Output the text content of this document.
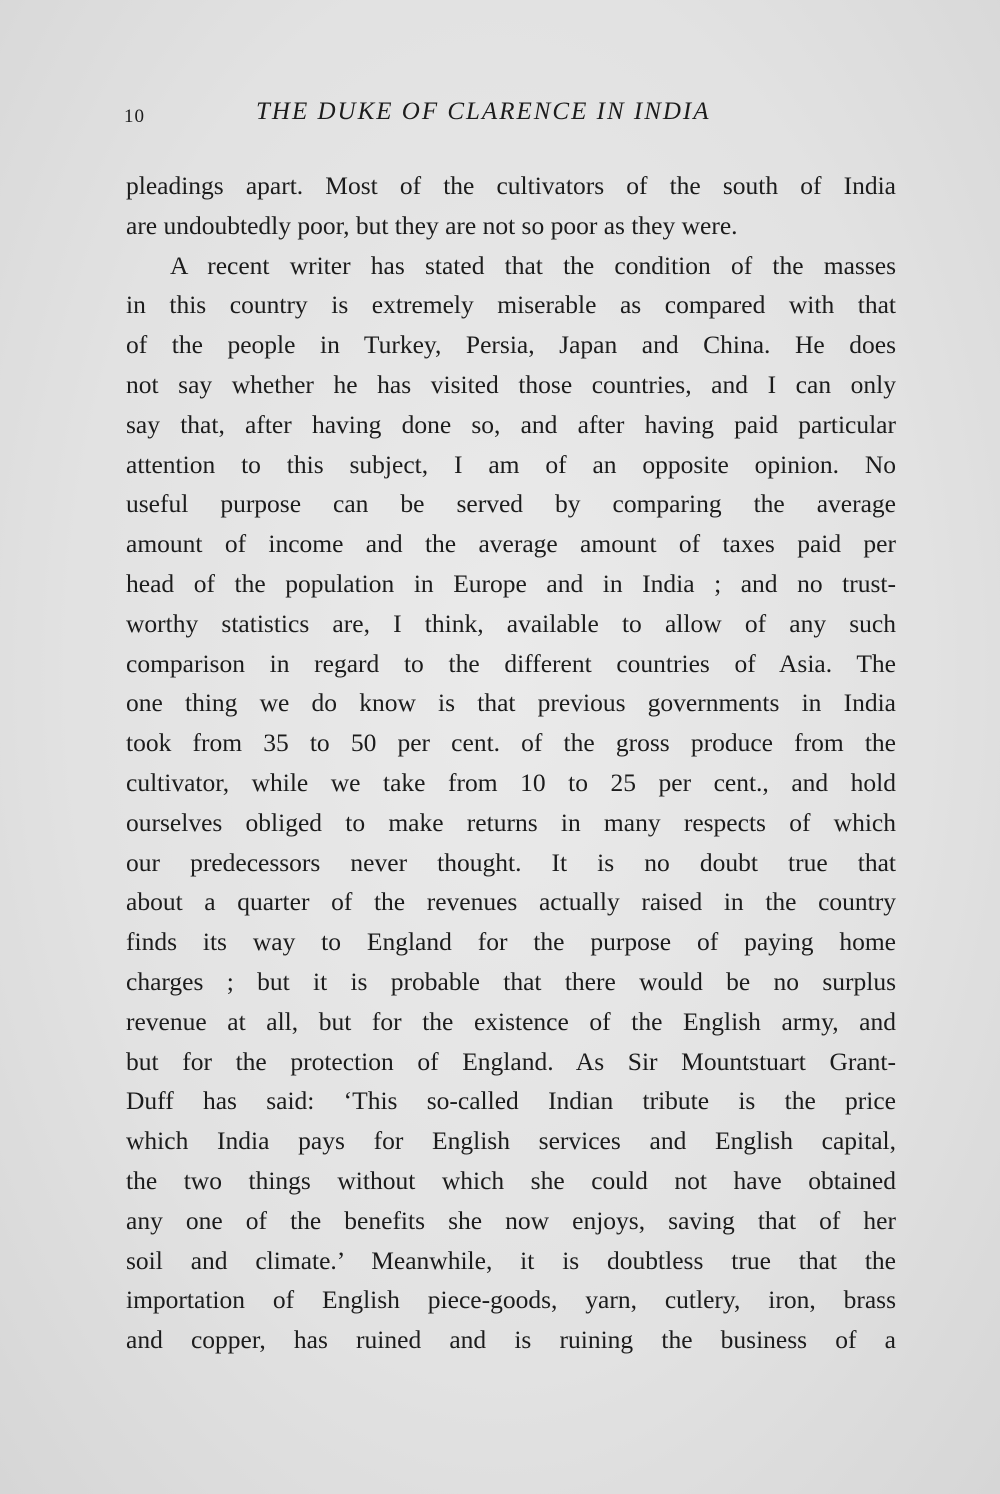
10	THE DUKE OF CLARENCE IN INDIA
pleadings apart. Most of the cultivators of the south of India
are undoubtedly poor, but they are not so poor as they were.
A recent writer has stated that the condition of the masses
in this country is extremely miserable as compared with that
of the people in Turkey, Persia, Japan and China. He does
not say whether he has visited those countries, and I can only
say that, after having done so, and after having paid particular
attention to this subject, I am of an opposite opinion. No
useful purpose can be served by comparing the average
amount of income and the average amount of taxes paid per
head of the population in Europe and in India ; and no trust-
worthy statistics are, I think, available to allow of any such
comparison in regard to the different countries of Asia. The
one thing we do know is that previous governments in India
took from 35 to 50 per cent. of the gross produce from the
cultivator, while we take from 10 to 25 per cent., and hold
ourselves obliged to make returns in many respects of which
our predecessors never thought. It is no doubt true that
about a quarter of the revenues actually raised in the country
finds its way to England for the purpose of paying home
charges ; but it is probable that there would be no surplus
revenue at all, but for the existence of the English army, and
but for the protection of England. As Sir Mountstuart Grant-
Duff has said: ‘This so-called Indian tribute is the price
which India pays for English services and English capital,
the two things without which she could not have obtained
any one of the benefits she now enjoys, saving that of her
soil and climate.’ Meanwhile, it is doubtless true that the
importation of English piece-goods, yarn, cutlery, iron, brass
and copper, has ruined and is ruining the business of a
